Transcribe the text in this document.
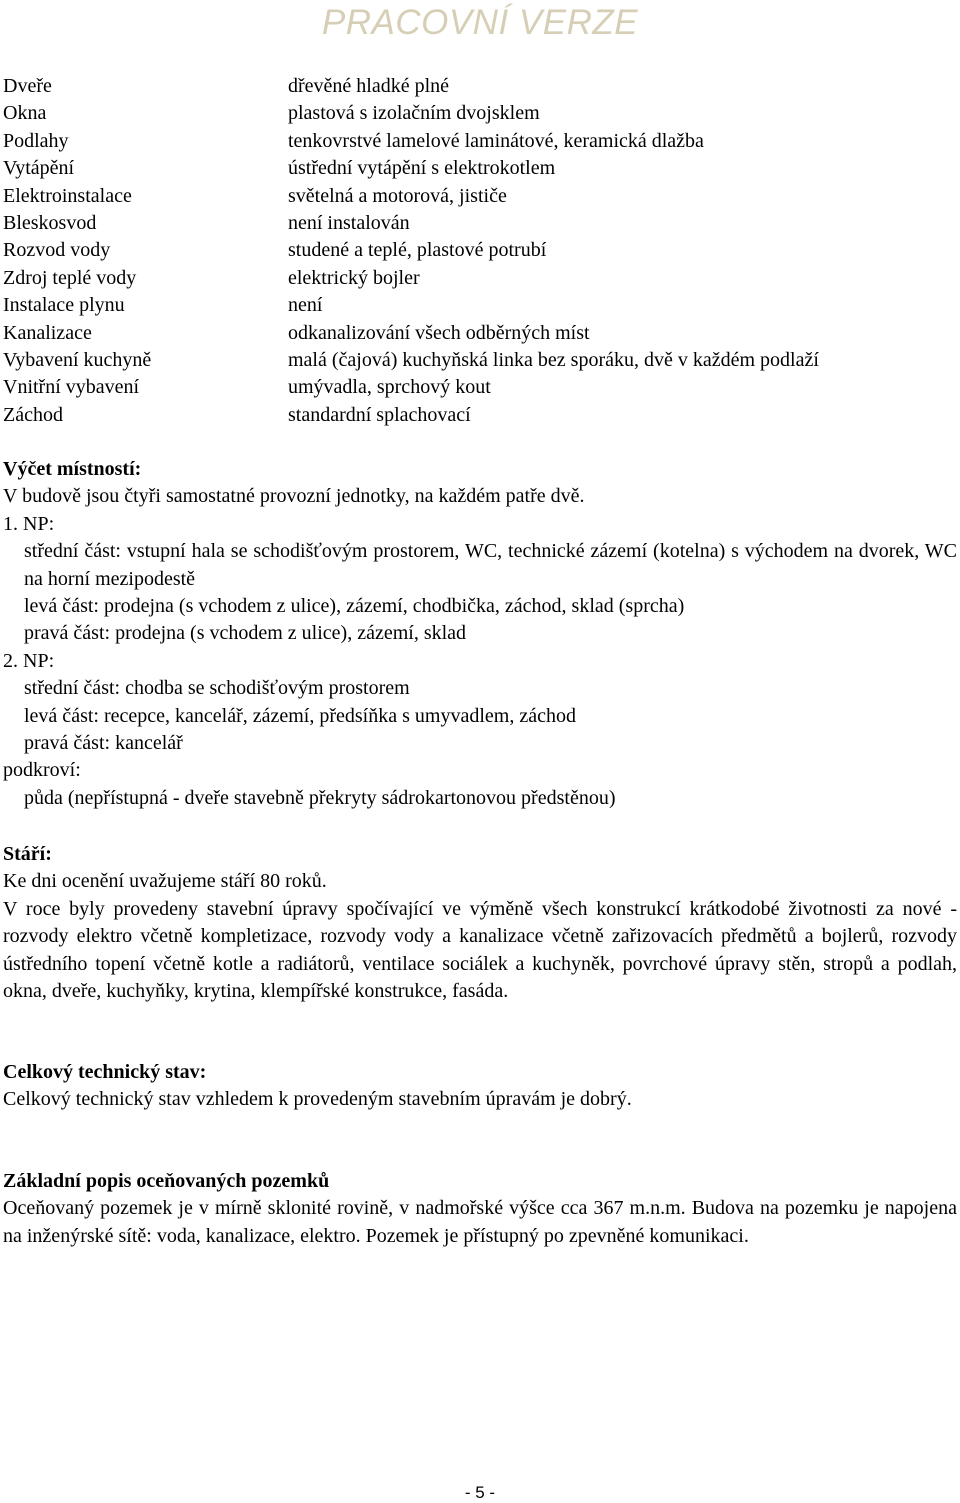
PRACOVNÍ VERZE
Dveře	dřevěné hladké plné
Okna	plastová s izolačním dvojsklem
Podlahy	tenkovrstvé lamelové laminátové, keramická dlažba
Vytápění	ústřední vytápění s elektrokotlem
Elektroinstalace	světelná a motorová, jističe
Bleskosvod	není instalován
Rozvod vody	studené a teplé, plastové potrubí
Zdroj teplé vody	elektrický bojler
Instalace plynu	není
Kanalizace	odkanalizování všech odběrných míst
Vybavení kuchyně	malá (čajová) kuchyňská linka bez sporáku, dvě v každém podlaží
Vnitřní vybavení	umývadla, sprchový kout
Záchod	standardní splachovací
Výčet místností:
V budově jsou čtyři samostatné provozní jednotky, na každém patře dvě.
1. NP:
střední část: vstupní hala se schodišťovým prostorem, WC, technické zázemí (kotelna) s východem na dvorek, WC na horní mezipodestě
levá část: prodejna (s vchodem z ulice), zázemí, chodbička, záchod, sklad (sprcha)
pravá část: prodejna (s vchodem z ulice), zázemí, sklad
2. NP:
střední část: chodba se schodišťovým prostorem
levá část: recepce, kancelář, zázemí, předsíňka s umyvadlem, záchod
pravá část: kancelář
podkroví:
půda (nepřístupná - dveře stavebně překryty sádrokartonovou předstěnou)
Stáří:
Ke dni ocenění uvažujeme stáří 80 roků.
V roce byly provedeny stavební úpravy spočívající ve výměně všech konstrukcí krátkodobé životnosti za nové - rozvody elektro včetně kompletizace, rozvody vody a kanalizace včetně zařizovacích předmětů a bojlerů, rozvody ústředního topení včetně kotle a radiátorů, ventilace sociálek a kuchyněk, povrchové úpravy stěn, stropů a podlah, okna, dveře, kuchyňky, krytina, klempířské konstrukce, fasáda.
Celkový technický stav:
Celkový technický stav vzhledem k provedeným stavebním úpravám je dobrý.
Základní popis oceňovaných pozemků
Oceňovaný pozemek je v mírně sklonité rovině, v nadmořské výšce cca 367 m.n.m. Budova na pozemku je napojena na inženýrské sítě: voda, kanalizace, elektro. Pozemek je přístupný po zpevněné komunikaci.
- 5 -
